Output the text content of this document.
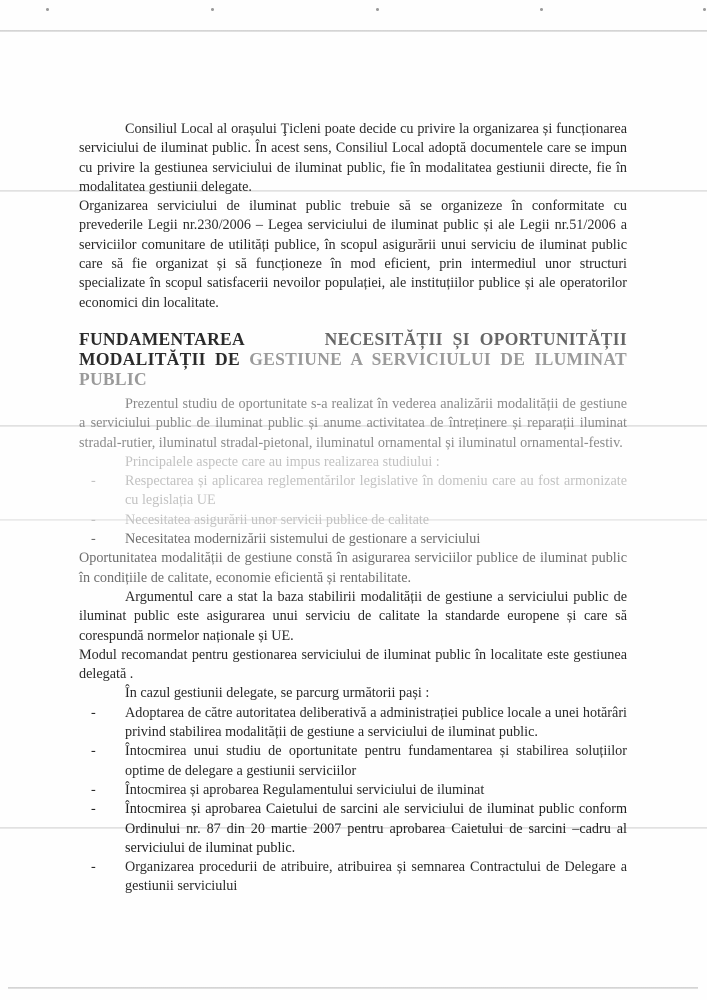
Consiliul Local al orașului Ţicleni poate decide cu privire la organizarea și funcționarea serviciului de iluminat public. În acest sens, Consiliul Local adoptă documentele care se impun cu privire la gestiunea serviciului de iluminat public, fie în modalitatea gestiunii directe, fie în modalitatea gestiunii delegate.

Organizarea serviciului de iluminat public trebuie să se organizeze în conformitate cu prevederile Legii nr.230/2006 – Legea serviciului de iluminat public și ale Legii nr.51/2006 a serviciilor comunitare de utilități publice, în scopul asigurării unui serviciu de iluminat public care să fie organizat și să funcționeze în mod eficient, prin intermediul unor structuri specializate în scopul satisfacerii nevoilor populației, ale instituțiilor publice și ale operatorilor economici din localitate.

FUNDAMENTAREA	NECESITĂȚII ȘI OPORTUNITĂȚII MODALITĂȚII DE GESTIUNE A SERVICIULUI DE ILUMINAT PUBLIC

Prezentul studiu de oportunitate s-a realizat în vederea analizării modalității de gestiune a serviciului public de iluminat public și anume activitatea de întreținere și reparații iluminat stradal-rutier, iluminatul stradal-pietonal, iluminatul ornamental și iluminatul ornamental-festiv.

Principalele aspecte care au impus realizarea studiului :

- Respectarea și aplicarea reglementărilor legislative în domeniu care au fost armonizate cu legislația UE
- Necesitatea asigurării unor servicii publice de calitate
- Necesitatea modernizării sistemului de gestionare a serviciului

Oportunitatea modalității de gestiune constă în asigurarea serviciilor publice de iluminat public în condițiile de calitate, economie eficientă și rentabilitate.

Argumentul care a stat la baza stabilirii modalității de gestiune a serviciului public de iluminat public este asigurarea unui serviciu de calitate la standarde europene și care să corespundă normelor naționale și UE.

Modul recomandat pentru gestionarea serviciului de iluminat public în localitate este gestiunea delegată .

În cazul gestiunii delegate, se parcurg următorii pași :

- Adoptarea de către autoritatea deliberativă a administrației publice locale a unei hotărâri privind stabilirea modalității de gestiune a serviciului de iluminat public.
- Întocmirea unui studiu de oportunitate pentru fundamentarea și stabilirea soluțiilor optime de delegare a gestiunii serviciilor
- Întocmirea și aprobarea Regulamentului serviciului de iluminat
- Întocmirea și aprobarea Caietului de sarcini ale serviciului de iluminat public conform Ordinului nr. 87 din 20 martie 2007 pentru aprobarea Caietului de sarcini –cadru al serviciului de iluminat public.
- Organizarea procedurii de atribuire, atribuirea și semnarea Contractului de Delegare a gestiunii serviciului
